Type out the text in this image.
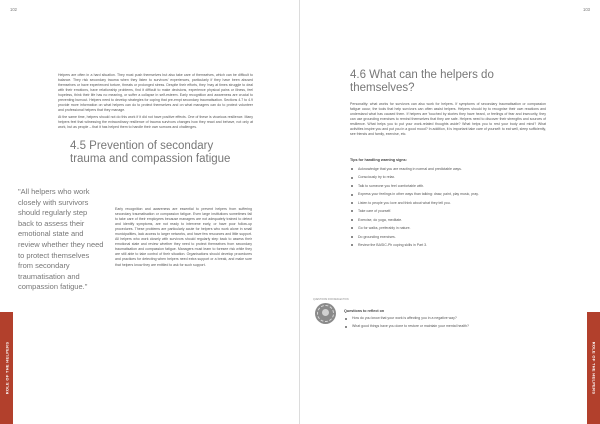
102

Helpers are often in a hard situation. They must push themselves but also take care of themselves, which can be difficult to balance. They risk secondary trauma when they listen to survivors' experiences, particularly if they have been abused themselves or have experienced torture, threats or prolonged stress. Despite their efforts, they 'may at times struggle to deal with their emotions, have relationship problems, find it difficult to make decisions, experience physical pains or illness, feel hopeless, think their life has no meaning, or suffer a collapse in self-esteem. Early recognition and awareness are crucial to preventing burnout. Helpers need to develop strategies for coping that pre-empt secondary traumatisation. Sections 4.7 to 4.9 provide more information on what helpers can do to protect themselves and on what managers can do to protect volunteer and professional helpers that they manage.

At the same time, helpers should not do this work if it did not have positive effects. One of these is vicarious resilience. Many helpers feel that witnessing the extraordinary resilience of trauma survivors changes how they react and behave, not only at work, but as people – that it has helped them to handle their own sorrows and challenges.

4.5 Prevention of secondary trauma and compassion fatigue

"All helpers who work closely with survivors should regularly step back to assess their emotional state and review whether they need to protect themselves from secondary traumatisation and compassion fatigue."

Early recognition and awareness are essential to prevent helpers from suffering secondary traumatisation or compassion fatigue. Even large institutions sometimes fail to take care of their employees because managers are not adequately trained to detect and identify symptoms, are not ready to intervene early, or have poor follow-up procedures. These problems are particularly acute for helpers who work alone in small municipalities, lack access to larger networks, and have few resources and little support. All helpers who work closely with survivors should regularly step back to assess their emotional state and review whether they need to protect themselves from secondary traumatisation and compassion fatigue. Managers must learn to foresee risk while they are still able to take control of their situation. Organisations should develop procedures and practices for detecting when helpers need extra support or a break, and make sure that helpers know they are entitled to ask for such support.

ROLE OF THE HELPERS
103
ROLE OF THE HELPERS
4.6 What can the helpers do themselves?

Personality: what works for survivors can also work for helpers. If symptoms of secondary traumatisation or compassion fatigue occur, the tools that help survivors can often assist helpers. Helpers should try to recognise their own reactions and understand what has caused them. If helpers are 'touched by stories they have heard, or feelings of fear and insecurity, they can use grounding exercises to remind themselves that they are safe. Helpers need to discover their strengths and sources of resilience. What helps you to put your work-related thoughts aside? What helps you to rest your body and mind? What activities inspire you and put you in a good mood? In addition, it is important take care of yourself: to eat well, sleep sufficiently, see friends and family, exercise, etc.

Tips for handling warning signs:

Acknowledge that you are reacting in normal and predictable ways.
Consciously try to relax.
Talk to someone you feel comfortable with.
Express your feelings in other ways than talking: draw, paint, play music, pray.
Listen to people you love and think about what they tell you.
Take care of yourself.
Exercise, do yoga, meditate.
Go for walks, preferably in nature.
Do grounding exercises.
Review the BASIC-Ph coping skills in Part 3.
QUESTIONS FOR REFLECTION

Questions to reflect on

How do you know that your work is affecting you in a negative way?
What good things have you done to restore or maintain your mental health?
